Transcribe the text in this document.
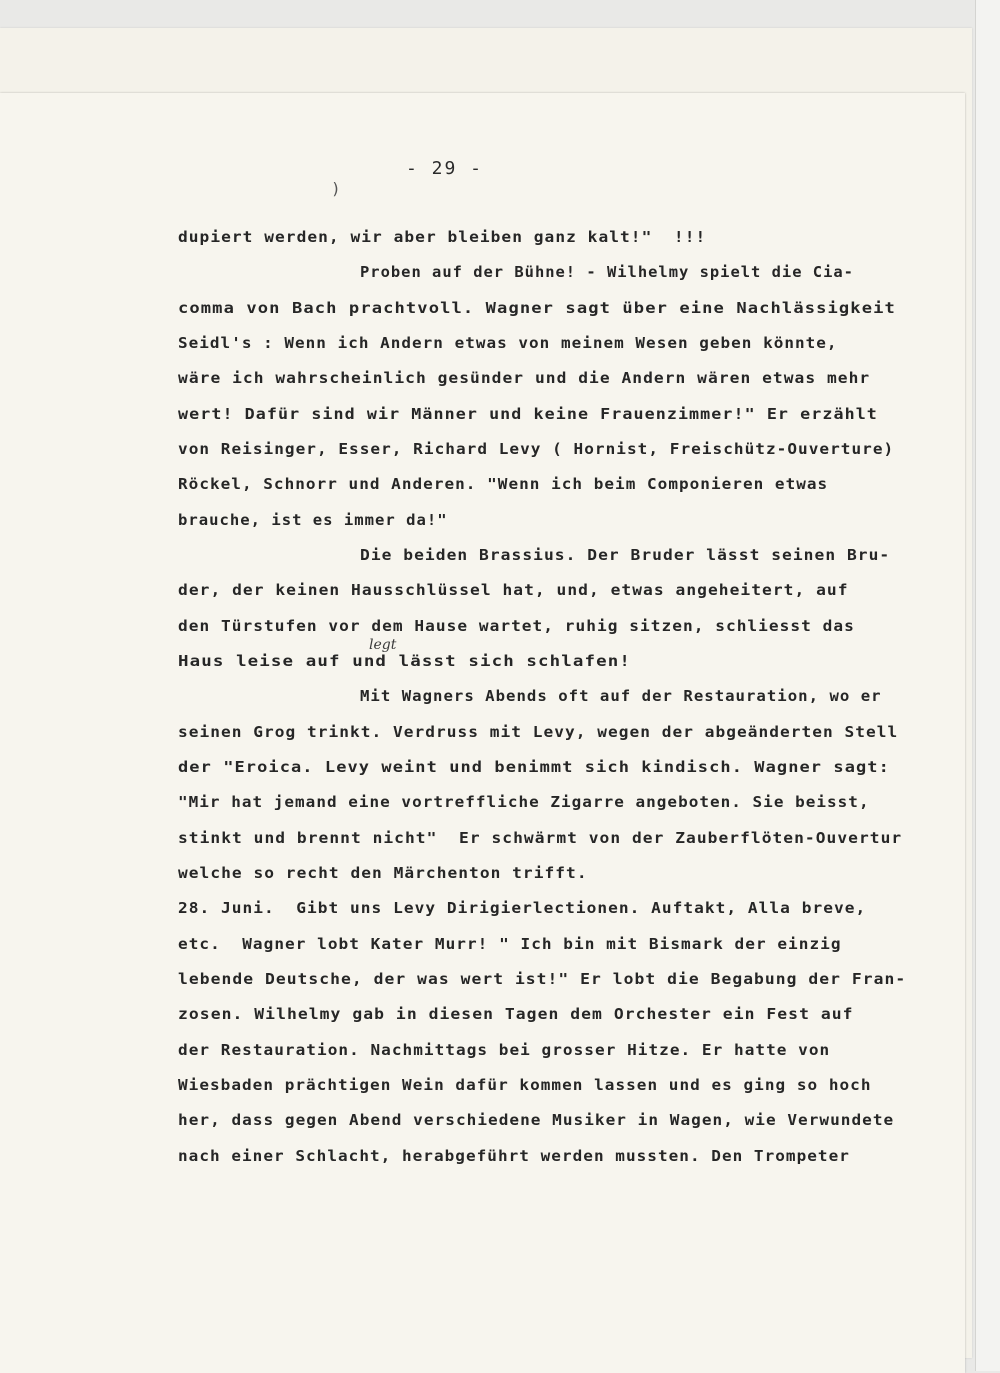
- 29 -
)
dupiert werden, wir aber bleiben ganz kalt!"  !!!
Proben auf der Bühne! - Wilhelmy spielt die Cia-
comma von Bach prachtvoll. Wagner sagt über eine Nachlässigkeit
Seidl's : Wenn ich Andern etwas von meinem Wesen geben könnte,
wäre ich wahrscheinlich gesünder und die Andern wären etwas mehr
wert! Dafür sind wir Männer und keine Frauenzimmer!" Er erzählt
von Reisinger, Esser, Richard Levy ( Hornist, Freischütz-Ouverture)
Röckel, Schnorr und Anderen. "Wenn ich beim Componieren etwas
brauche, ist es immer da!"
Die beiden Brassius. Der Bruder lässt seinen Bru-
der, der keinen Hausschlüssel hat, und, etwas angeheitert, auf
den Türstufen vor dem Hause wartet, ruhig sitzen, schliesst das
Haus leise auf und lässt sich schlafen!
Mit Wagners Abends oft auf der Restauration, wo er
seinen Grog trinkt. Verdruss mit Levy, wegen der abgeänderten Stell
der "Eroica. Levy weint und benimmt sich kindisch. Wagner sagt:
"Mir hat jemand eine vortreffliche Zigarre angeboten. Sie beisst,
stinkt und brennt nicht"  Er schwärmt von der Zauberflöten-Ouvertur
welche so recht den Märchenton trifft.
28. Juni.  Gibt uns Levy Dirigierlectionen. Auftakt, Alla breve,
etc.  Wagner lobt Kater Murr! " Ich bin mit Bismark der einzig
lebende Deutsche, der was wert ist!" Er lobt die Begabung der Fran-
zosen. Wilhelmy gab in diesen Tagen dem Orchester ein Fest auf
der Restauration. Nachmittags bei grosser Hitze. Er hatte von
Wiesbaden prächtigen Wein dafür kommen lassen und es ging so hoch
her, dass gegen Abend verschiedene Musiker in Wagen, wie Verwundete
nach einer Schlacht, herabgeführt werden mussten. Den Trompeter
legt
